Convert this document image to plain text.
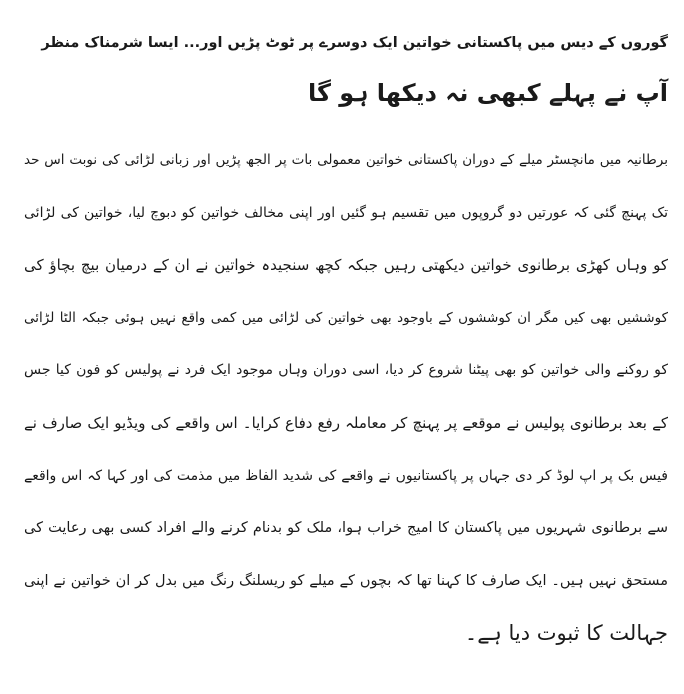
گوروں کے دیس میں پاکستانی خواتین ایک دوسرے پر ٹوٹ پڑیں اور... ایسا شرمناک منظر
آپ نے پہلے کبھی نہ دیکھا ہو گا
برطانیہ میں مانچسٹر میلے کے دوران پاکستانی خواتین معمولی بات پر الجھ پڑیں اور زبانی لڑائی کی نوبت اس حد
تک پہنچ گئی کہ عورتیں دو گروپوں میں تقسیم ہو گئیں اور اپنی مخالف خواتین کو دبوچ لیا، خواتین کی لڑائی
کو وہاں کھڑی برطانوی خواتین دیکھتی رہیں جبکہ کچھ سنجیدہ خواتین نے ان کے درمیان بیچ بچاؤ کی
کوششیں بھی کیں مگر ان کوششوں کے باوجود بھی خواتین کی لڑائی میں کمی واقع نہیں ہوئی جبکہ الٹا لڑائی
کو روکنے والی خواتین کو بھی پیٹنا شروع کر دیا، اسی دوران وہاں موجود ایک فرد نے پولیس کو فون کیا جس
کے بعد برطانوی پولیس نے موقعے پر پہنچ کر معاملہ رفع دفاع کرایا۔ اس واقعے کی ویڈیو ایک صارف نے
فیس بک پر اپ لوڈ کر دی جہاں پر پاکستانیوں نے واقعے کی شدید الفاظ میں مذمت کی اور کہا کہ اس واقعے
سے برطانوی شہریوں میں پاکستان کا امیج خراب ہوا، ملک کو بدنام کرنے والے افراد کسی بھی رعایت کی
مستحق نہیں ہیں۔ ایک صارف کا کہنا تھا کہ بچوں کے میلے کو ریسلنگ رنگ میں بدل کر ان خواتین نے اپنی
جہالت کا ثبوت دیا ہے۔
